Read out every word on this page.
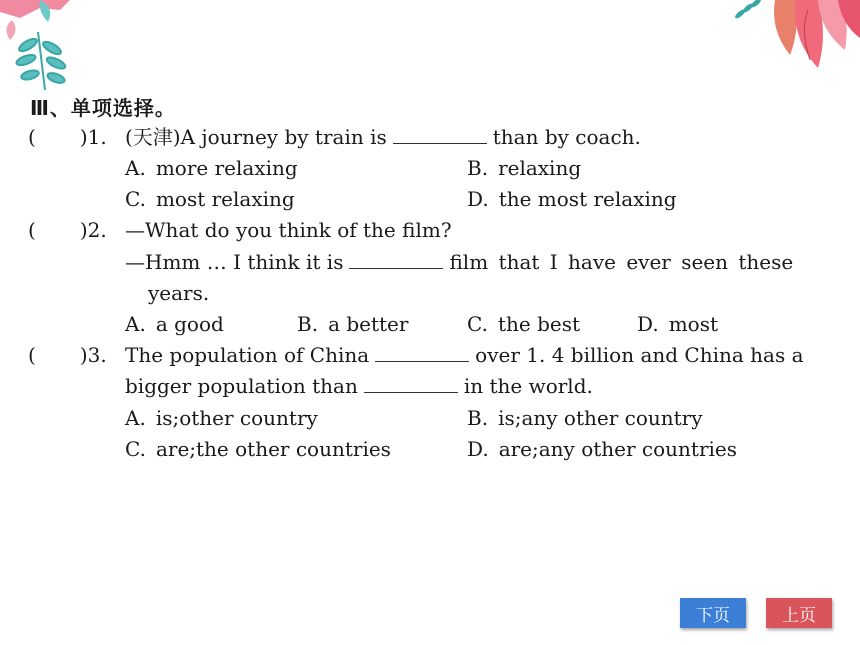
Ⅲ、单项选择。
( )1. (天津)A journey by train is	than by coach.
A. more relaxing	B. relaxing
C. most relaxing	D. the most relaxing
( )2. —What do you think of the film?
—Hmm … I think it is	film that I have ever seen these
years.
A. a good	B. a better	C. the best	D. most
( )3. The population of China	over 1. 4 billion and China has a
bigger population than	in the world.
A. is;other country	B. is;any other country
C. are;the other countries	D. are;any other countries
下页	上页
